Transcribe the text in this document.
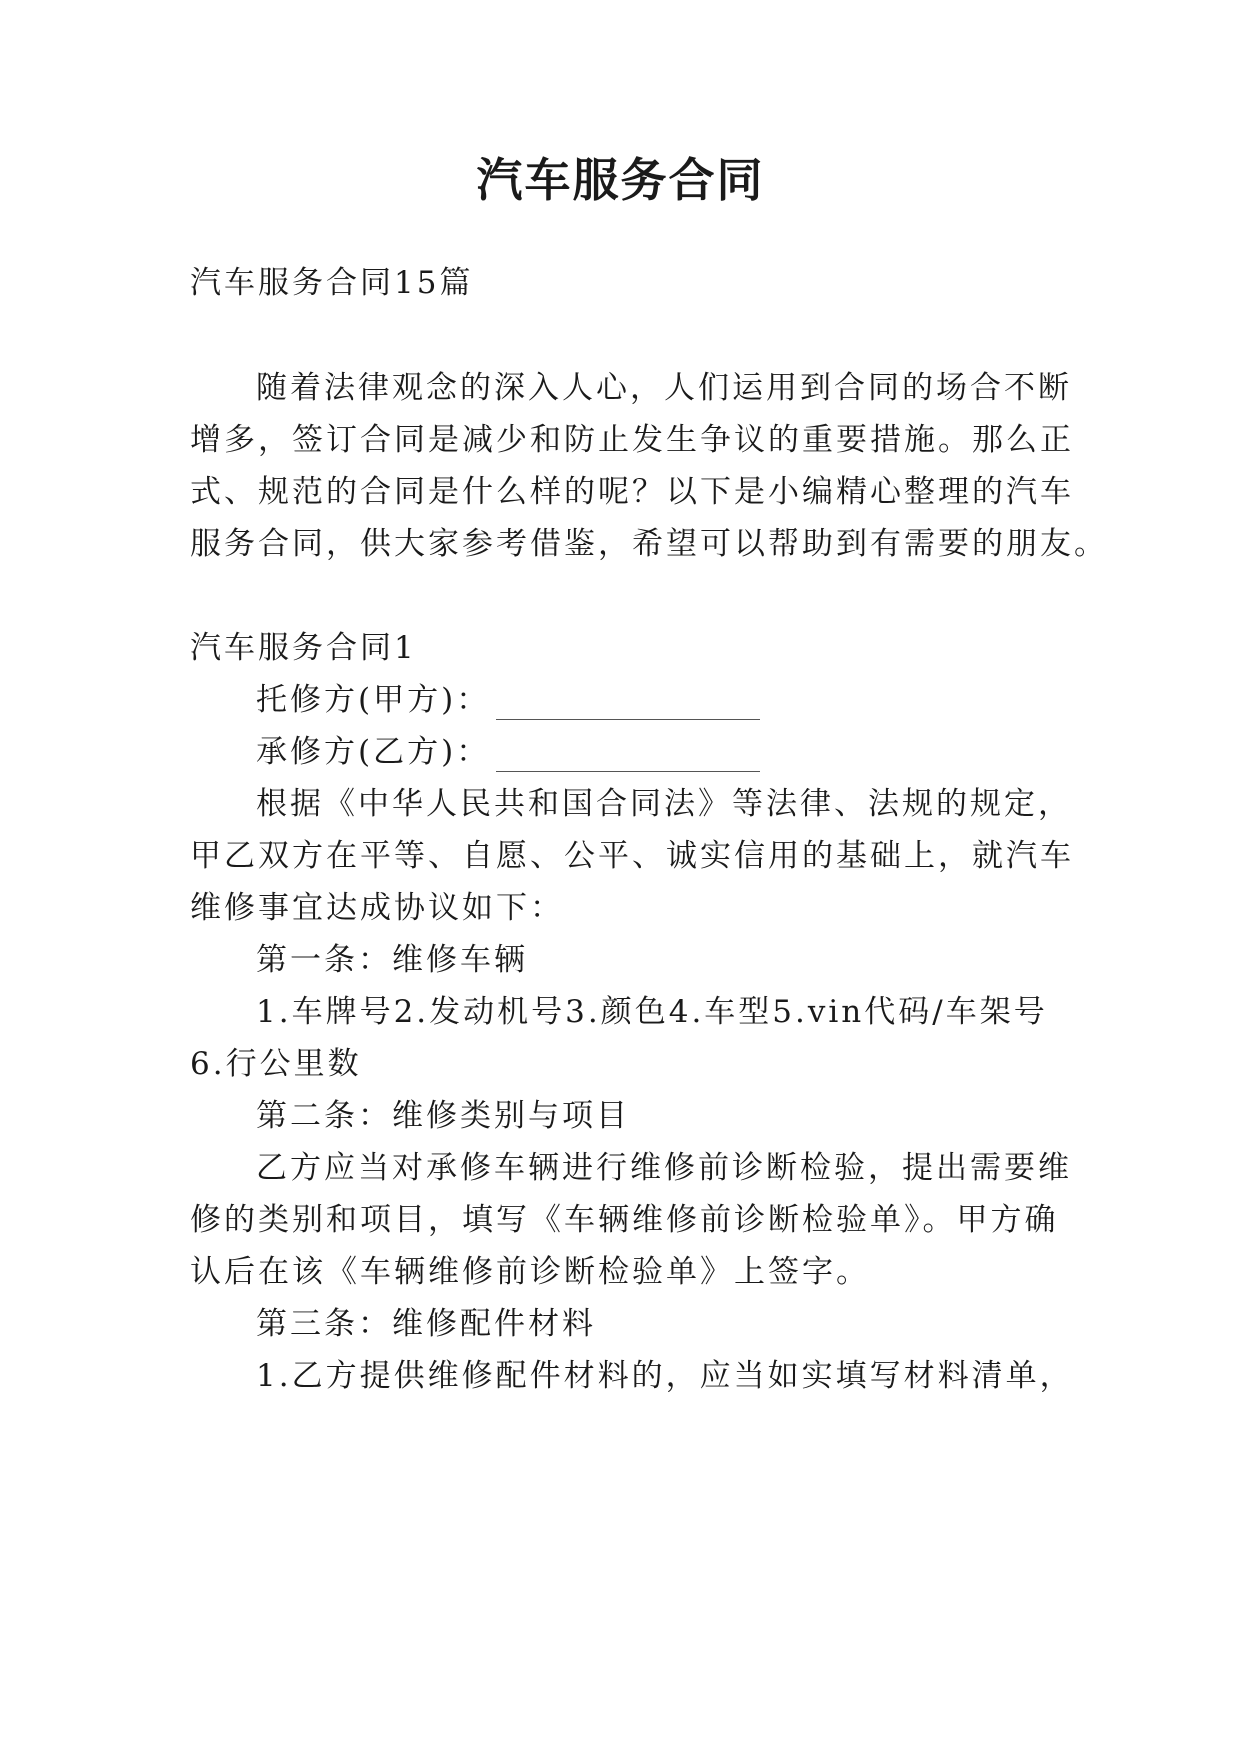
汽车服务合同
汽车服务合同15篇
随着法律观念的深入人心，人们运用到合同的场合不断
增多，签订合同是减少和防止发生争议的重要措施。那么正
式、规范的合同是什么样的呢？以下是小编精心整理的汽车
服务合同，供大家参考借鉴，希望可以帮助到有需要的朋友。
汽车服务合同1
托修方(甲方)：
承修方(乙方)：
根据《中华人民共和国合同法》等法律、法规的规定，
甲乙双方在平等、自愿、公平、诚实信用的基础上，就汽车
维修事宜达成协议如下：
第一条：维修车辆
1.车牌号2.发动机号3.颜色4.车型5.vin代码/车架号
6.行公里数
第二条：维修类别与项目
乙方应当对承修车辆进行维修前诊断检验，提出需要维
修的类别和项目，填写《车辆维修前诊断检验单》。甲方确
认后在该《车辆维修前诊断检验单》上签字。
第三条：维修配件材料
1.乙方提供维修配件材料的，应当如实填写材料清单，
